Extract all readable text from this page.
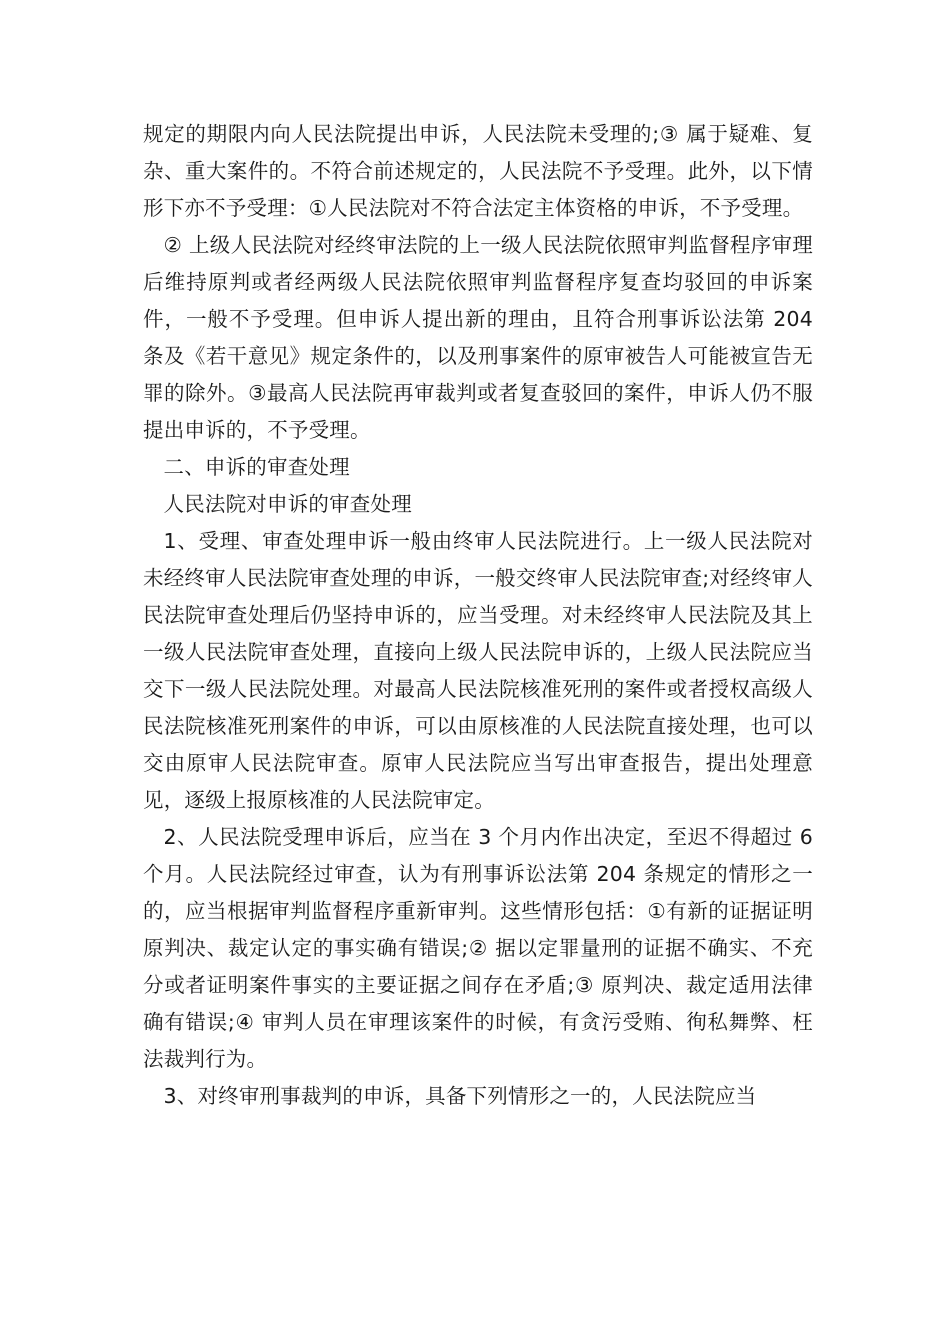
规定的期限内向人民法院提出申诉，人民法院未受理的;③ 属于疑难、复杂、重大案件的。不符合前述规定的，人民法院不予受理。此外，以下情形下亦不予受理：①人民法院对不符合法定主体资格的申诉，不予受理。

② 上级人民法院对经终审法院的上一级人民法院依照审判监督程序审理后维持原判或者经两级人民法院依照审判监督程序复查均驳回的申诉案件，一般不予受理。但申诉人提出新的理由，且符合刑事诉讼法第 204 条及《若干意见》规定条件的，以及刑事案件的原审被告人可能被宣告无罪的除外。③最高人民法院再审裁判或者复查驳回的案件，申诉人仍不服提出申诉的，不予受理。

二、申诉的审查处理

人民法院对申诉的审查处理

1、受理、审查处理申诉一般由终审人民法院进行。上一级人民法院对未经终审人民法院审查处理的申诉，一般交终审人民法院审查;对经终审人民法院审查处理后仍坚持申诉的，应当受理。对未经终审人民法院及其上一级人民法院审查处理，直接向上级人民法院申诉的，上级人民法院应当交下一级人民法院处理。对最高人民法院核准死刑的案件或者授权高级人民法院核准死刑案件的申诉，可以由原核准的人民法院直接处理，也可以交由原审人民法院审查。原审人民法院应当写出审查报告，提出处理意见，逐级上报原核准的人民法院审定。

2、人民法院受理申诉后，应当在 3 个月内作出决定，至迟不得超过 6 个月。人民法院经过审查，认为有刑事诉讼法第 204 条规定的情形之一的，应当根据审判监督程序重新审判。这些情形包括：①有新的证据证明原判决、裁定认定的事实确有错误;② 据以定罪量刑的证据不确实、不充分或者证明案件事实的主要证据之间存在矛盾;③ 原判决、裁定适用法律确有错误;④ 审判人员在审理该案件的时候，有贪污受贿、徇私舞弊、枉法裁判行为。

3、对终审刑事裁判的申诉，具备下列情形之一的，人民法院应当
